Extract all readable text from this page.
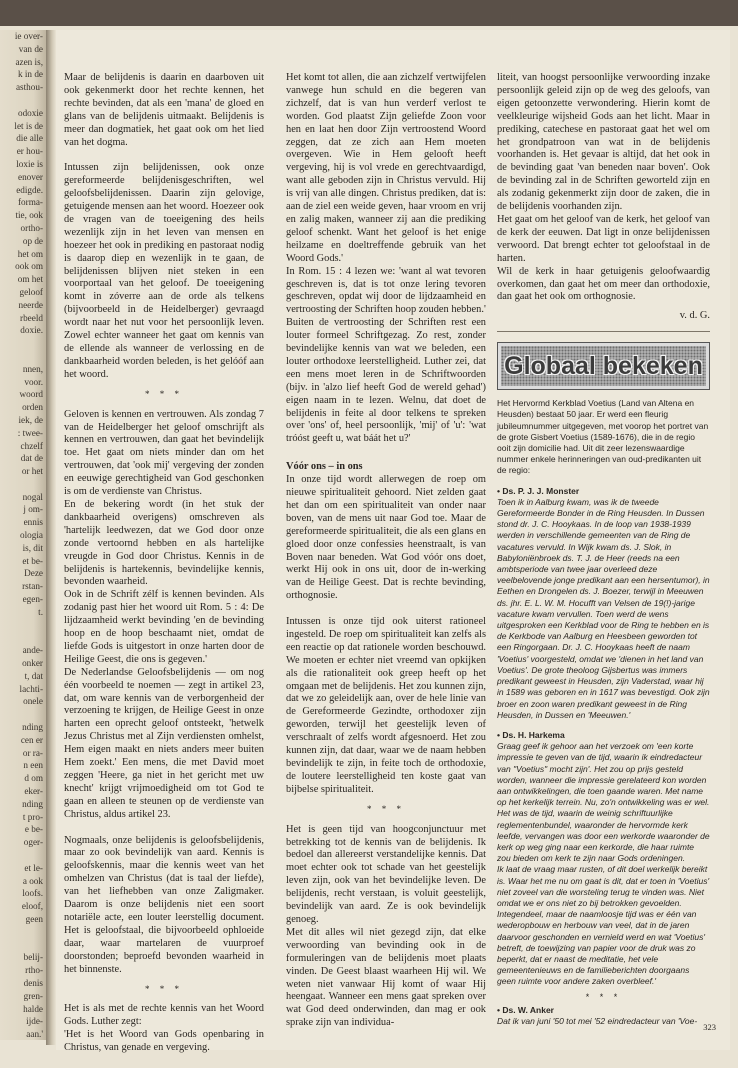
ie over-
van de
azen is,
k in de
asthou-

odoxie
let is de
die alle
er hou-
loxie is
enover
edigde.
forma-
tie, ook
ortho-
op de
het om
ook om
om het
geloof
neerde
rbeeld
doxie.

nnen,
voor.
woord
orden
iek, de
: twee-
chzelf
dat de
or het

nogal
j om-
ennis
ologia
is, dit
et be-
Deze
rstan-
egen-
t.

ande-
onker
t, dat
lachti-
onele

nding
cen er
or ra-
n een
d om
eker-
nding
t pro-
e be-
oger-

et le-
a ook
loofs.
eloof,
geen

belij-
rtho-
denis
gren-
halde
ijde-
aan.'

Maar de belijdenis is daarin en daarboven uit ook gekenmerkt door het rechte kennen, het rechte bevinden, dat als een 'mana' de gloed en glans van de belijdenis uitmaakt. Belijdenis is meer dan dogmatiek, het gaat ook om het lied van het dogma.

Intussen zijn belijdenissen, ook onze gereformeerde belijdenisgeschriften, wel geloofsbelijdenissen. Daarin zijn gelovige, getuigende mensen aan het woord. Hoezeer ook de vragen van de toeeigening des heils wezenlijk zijn in het leven van mensen en hoezeer het ook in prediking en pastoraat nodig is daarop diep en wezenlijk in te gaan, de belijdenissen blijven niet steken in een voorportaal van het geloof. De toeeigening komt in zóverre aan de orde als telkens (bijvoorbeeld in de Heidelberger) gevraagd wordt naar het nut voor het persoonlijk leven. Zowel echter wanneer het gaat om kennis van de ellende als wanneer de verlossing en de dankbaarheid worden beleden, is het gelóóf aan het woord.

* * *

Geloven is kennen en vertrouwen. Als zondag 7 van de Heidelberger het geloof omschrijft als kennen en vertrouwen, dan gaat het bevindelijk toe. Het gaat om niets minder dan om het vertrouwen, dat 'ook mij' vergeving der zonden en eeuwige gerechtigheid van God geschonken is om de verdienste van Christus.

En de bekering wordt (in het stuk der dankbaarheid overigens) omschreven als 'hartelijk leedwezen, dat we God door onze zonde vertoornd hebben en als hartelijke vreugde in God door Christus. Kennis in de belijdenis is hartekennis, bevindelijke kennis, bevonden waarheid.

Ook in de Schrift zélf is kennen bevinden. Als zodanig past hier het woord uit Rom. 5 : 4: De lijdzaamheid werkt bevinding 'en de bevinding hoop en de hoop beschaamt niet, omdat de liefde Gods is uitgestort in onze harten door de Heilige Geest, die ons is gegeven.'

De Nederlandse Geloofsbelijdenis — om nog één voorbeeld te noemen — zegt in artikel 23, dat, om ware kennis van de verborgenheid der verzoening te krijgen, de Heilige Geest in onze harten een oprecht geloof ontsteekt, 'hetwelk Jezus Christus met al Zijn verdiensten omhelst, Hem eigen maakt en niets anders meer buiten Hem zoekt.' Een mens, die met David moet zeggen 'Heere, ga niet in het gericht met uw knecht' krijgt vrijmoedigheid om tot God te gaan en alleen te steunen op de verdienste van Christus, aldus artikel 23.

Nogmaals, onze belijdenis is geloofsbelijdenis, maar zo ook bevindelijk van aard. Kennis is geloofskennis, maar die kennis weet van het omhelzen van Christus (dat is taal der liefde), van het liefhebben van onze Zaligmaker. Daarom is onze belijdenis niet een soort notariële acte, een louter leerstellig document. Het is geloofstaal, die bijvoorbeeld ophloeide daar, waar martelaren de vuurproef doorstonden; beproefd bevonden waarheid in het binnenste.

* * *

Het is als met de rechte kennis van het Woord Gods. Luther zegt:

'Het is het Woord van Gods openbaring in Christus, van genade en vergeving.

Het komt tot allen, die aan zichzelf vertwijfelen vanwege hun schuld en die begeren van zichzelf, dat is van hun verderf verlost te worden. God plaatst Zijn geliefde Zoon voor hen en laat hen door Zijn vertroostend Woord zeggen, dat ze zich aan Hem moeten overgeven. Wie in Hem gelooft heeft vergeving, hij is vol vrede en gerechtvaardigd, want alle geboden zijn in Christus vervuld. Hij is vrij van alle dingen. Christus prediken, dat is: aan de ziel een weide geven, haar vroom en vrij en zalig maken, wanneer zij aan die prediking geloof schenkt. Want het geloof is het enige heilzame en doeltreffende gebruik van het Woord Gods.'

In Rom. 15 : 4 lezen we: 'want al wat tevoren geschreven is, dat is tot onze lering tevoren geschreven, opdat wij door de lijdzaamheid en vertroosting der Schriften hoop zouden hebben.'

Buiten de vertroosting der Schriften rest een louter formeel Schriftgezag. Zo rest, zonder bevindelijke kennis van wat we beleden, een louter orthodoxe leerstelligheid. Luther zei, dat een mens moet leren in de Schriftwoorden (bijv. in 'alzo lief heeft God de wereld gehad') eigen naam in te lezen. Welnu, dat doet de belijdenis in feite al door telkens te spreken over 'ons' of, heel persoonlijk, 'mij' of 'u': 'wat tróóst geeft u, wat báát het u?'

Vóór ons – in ons

In onze tijd wordt allerwegen de roep om nieuwe spiritualiteit gehoord. Niet zelden gaat het dan om een spiritualiteit van onder naar boven, van de mens uit naar God toe. Maar de gereformeerde spiritualiteit, die als een glans en gloed door onze confessies heenstraalt, is van Boven naar beneden. Wat God vóór ons doet, werkt Hij ook in ons uit, door de in-werking van de Heilige Geest. Dat is rechte bevinding, orthognosie.

Intussen is onze tijd ook uiterst rationeel ingesteld. De roep om spiritualiteit kan zelfs als een reactie op dat rationele worden beschouwd. We moeten er echter niet vreemd van opkijken als die rationaliteit ook greep heeft op het omgaan met de belijdenis. Het zou kunnen zijn, dat we zo geleidelijk aan, over de hele linie van de Gereformeerde Gezindte, orthodoxer zijn geworden, terwijl het geestelijk leven of verschraalt of zelfs wordt afgesnoerd. Het zou kunnen zijn, dat daar, waar we de naam hebben bevindelijk te zijn, in feite toch de orthodoxie, de loutere leerstelligheid ten koste gaat van bijbelse spiritualiteit.

* * *

Het is geen tijd van hoogconjunctuur met betrekking tot de kennis van de belijdenis. Ik bedoel dan allereerst verstandelijke kennis. Dat moet echter ook tot schade van het geestelijk leven zijn, ook van het bevindelijke leven. De belijdenis, recht verstaan, is voluit geestelijk, bevindelijk van aard. Ze is ook bevindelijk genoeg.

Met dit alles wil niet gezegd zijn, dat elke verwoording van bevinding ook in de formuleringen van de belijdenis moet plaats vinden. De Geest blaast waarheen Hij wil. We weten niet vanwaar Hij komt of waar Hij heengaat. Wanneer een mens gaat spreken over wat God deed onderwinden, dan mag er ook sprake zijn van individua-

liteit, van hoogst persoonlijke verwoording inzake persoonlijk geleid zijn op de weg des geloofs, van eigen getoonzette verwondering. Hierin komt de veelkleurige wijsheid Gods aan het licht. Maar in prediking, catechese en pastoraat gaat het wel om het grondpatroon van wat in de belijdenis voorhanden is. Het gevaar is altijd, dat het ook in de bevinding gaat 'van beneden naar boven'. Ook de bevinding zal in de Schriften geworteld zijn en als zodanig gekenmerkt zijn door de zaken, die in de belijdenis voorhanden zijn.

Het gaat om het geloof van de kerk, het geloof van de kerk der eeuwen. Dat ligt in onze belijdenissen verwoord. Dat brengt echter tot geloofstaal in de harten.

Wil de kerk in haar getuigenis geloofwaardig overkomen, dan gaat het om meer dan orthodoxie, dan gaat het ook om orthognosie.

v. d. G.
Globaal bekeken

Het Hervormd Kerkblad Voetius (Land van Altena en Heusden) bestaat 50 jaar. Er werd een fleurig jubileumnummer uitgegeven, met voorop het portret van de grote Gisbert Voetius (1589-1676), die in de regio ooit zijn domicilie had. Uit dit zeer lezenswaardige nummer enkele herinneringen van oud-predikanten uit de regio:

• Ds. P. J. J. Monster

Toen ik in Aalburg kwam, was ik de tweede Gereformeerde Bonder in de Ring Heusden. In Dussen stond dr. J. C. Hooykaas. In de loop van 1938-1939 werden in verschillende gemeenten van de Ring de vacatures vervuld. In Wijk kwam ds. J. Slok, in Babyloniënbroek ds. T. J. de Heer (reeds na een ambtsperiode van twee jaar overleed deze veelbelovende jonge predikant aan een hersentumor), in Eethen en Drongelen ds. J. Boezer, terwijl in Meeuwen ds. jhr. E. L. W. M. Hocufft van Velsen de 19(!)-jarige vacature kwam vervullen. Toen werd de wens uitgesproken een Kerkblad voor de Ring te hebben en is de Kerkbode van Aalburg en Heesbeen geworden tot een Ringorgaan. Dr. J. C. Hooykaas heeft de naam 'Voetius' voorgesteld, omdat we 'dienen in het land van Voetius'. De grote theoloog Gijsbertus was immers predikant geweest in Heusden, zijn Vaderstad, waar hij in 1589 was geboren en in 1617 was bevestigd. Ook zijn broer en zoon waren predikant geweest in de Ring Heusden, in Dussen en 'Meeuwen.'

• Ds. H. Harkema

Graag geef ik gehoor aan het verzoek om 'een korte impressie te geven van de tijd, waarin ik eindredacteur van "Voetius" mocht zijn'. Het zou op prijs gesteld worden, wanneer die impressie gerelateerd kon worden aan ontwikkelingen, die toen gaande waren. Met name op het kerkelijk terrein. Nu, zo'n ontwikkeling was er wel. Het was de tijd, waarin de weinig schriftuurlijke reglementenbundel, waaronder de hervormde kerk leefde, vervangen was door een werkorde waaronder de kerk op weg ging naar een kerkorde, die haar ruimte zou bieden om kerk te zijn naar Gods ordeningen.

Ik laat de vraag maar rusten, of dit doel werkelijk bereikt is. Waar het me nu om gaat is dit, dat er toen in 'Voetius' niet zoveel van die worsteling terug te vinden was. Niet omdat we er ons niet zo bij betrokken gevoelden. Integendeel, maar de naamloosje tijd was er één van wederopbouw en herbouw van veel, dat in de jaren daarvoor geschonden en vernield werd en wat 'Voetius' betreft, de toewijzing van papier voor de druk was zo beperkt, dat er naast de meditatie, het vele gemeentenieuws en de familieberichten doorgaans geen ruimte voor andere zaken overbleef.'

* * *
• Ds. W. Anker

Dat ik van juni '50 tot mei '52 eindredacteur van 'Voe-

323
